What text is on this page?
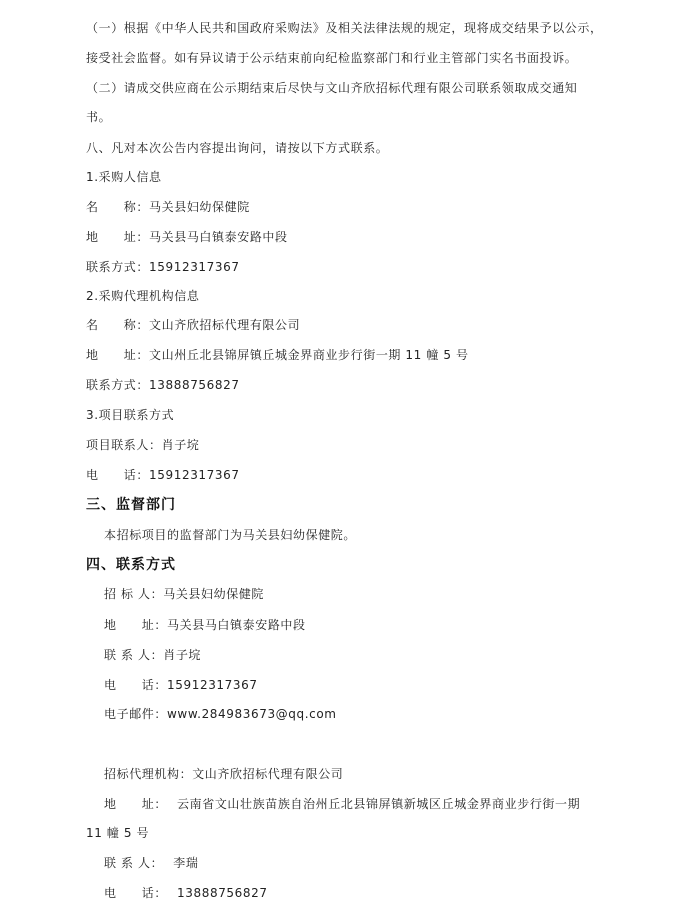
（一）根据《中华人民共和国政府采购法》及相关法律法规的规定，现将成交结果予以公示，
接受社会监督。如有异议请于公示结束前向纪检监察部门和行业主管部门实名书面投诉。
（二）请成交供应商在公示期结束后尽快与文山齐欣招标代理有限公司联系领取成交通知
书。
八、凡对本次公告内容提出询问，请按以下方式联系。
1.采购人信息
名　　称：马关县妇幼保健院
地　　址：马关县马白镇泰安路中段
联系方式：15912317367
2.采购代理机构信息
名　　称：文山齐欣招标代理有限公司
地　　址：文山州丘北县锦屏镇丘城金界商业步行街一期 11 幢 5 号
联系方式：13888756827
3.项目联系方式
项目联系人：肖子垸
电　　话：15912317367
三、监督部门
本招标项目的监督部门为马关县妇幼保健院。
四、联系方式
招 标 人：马关县妇幼保健院
地　　址：马关县马白镇泰安路中段
联 系 人：肖子垸
电　　话：15912317367
电子邮件：www.284983673@qq.com
招标代理机构：文山齐欣招标代理有限公司
地　　址： 云南省文山壮族苗族自治州丘北县锦屏镇新城区丘城金界商业步行街一期
11 幢 5 号
联 系 人： 李瑞
电　　话： 13888756827
